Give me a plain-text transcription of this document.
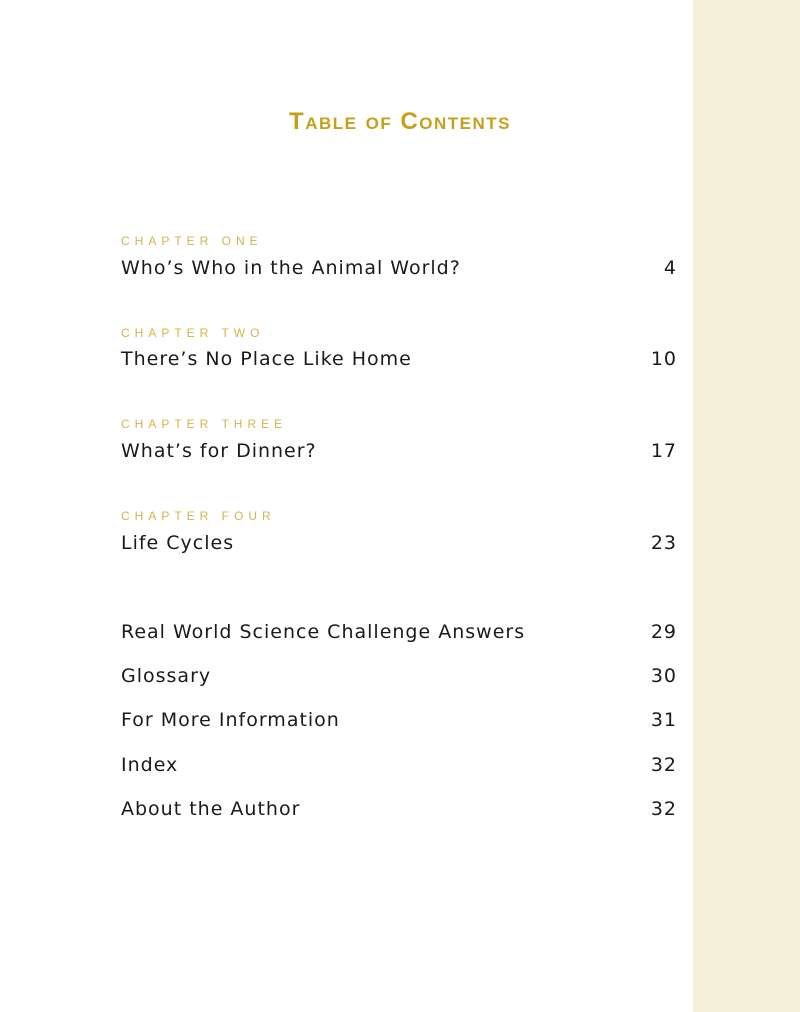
Table of Contents
CHAPTER ONE
Who’s Who in the Animal World?	4
CHAPTER TWO
There’s No Place Like Home	10
CHAPTER THREE
What’s for Dinner?	17
CHAPTER FOUR
Life Cycles	23
Real World Science Challenge Answers	29
Glossary	30
For More Information	31
Index	32
About the Author	32
